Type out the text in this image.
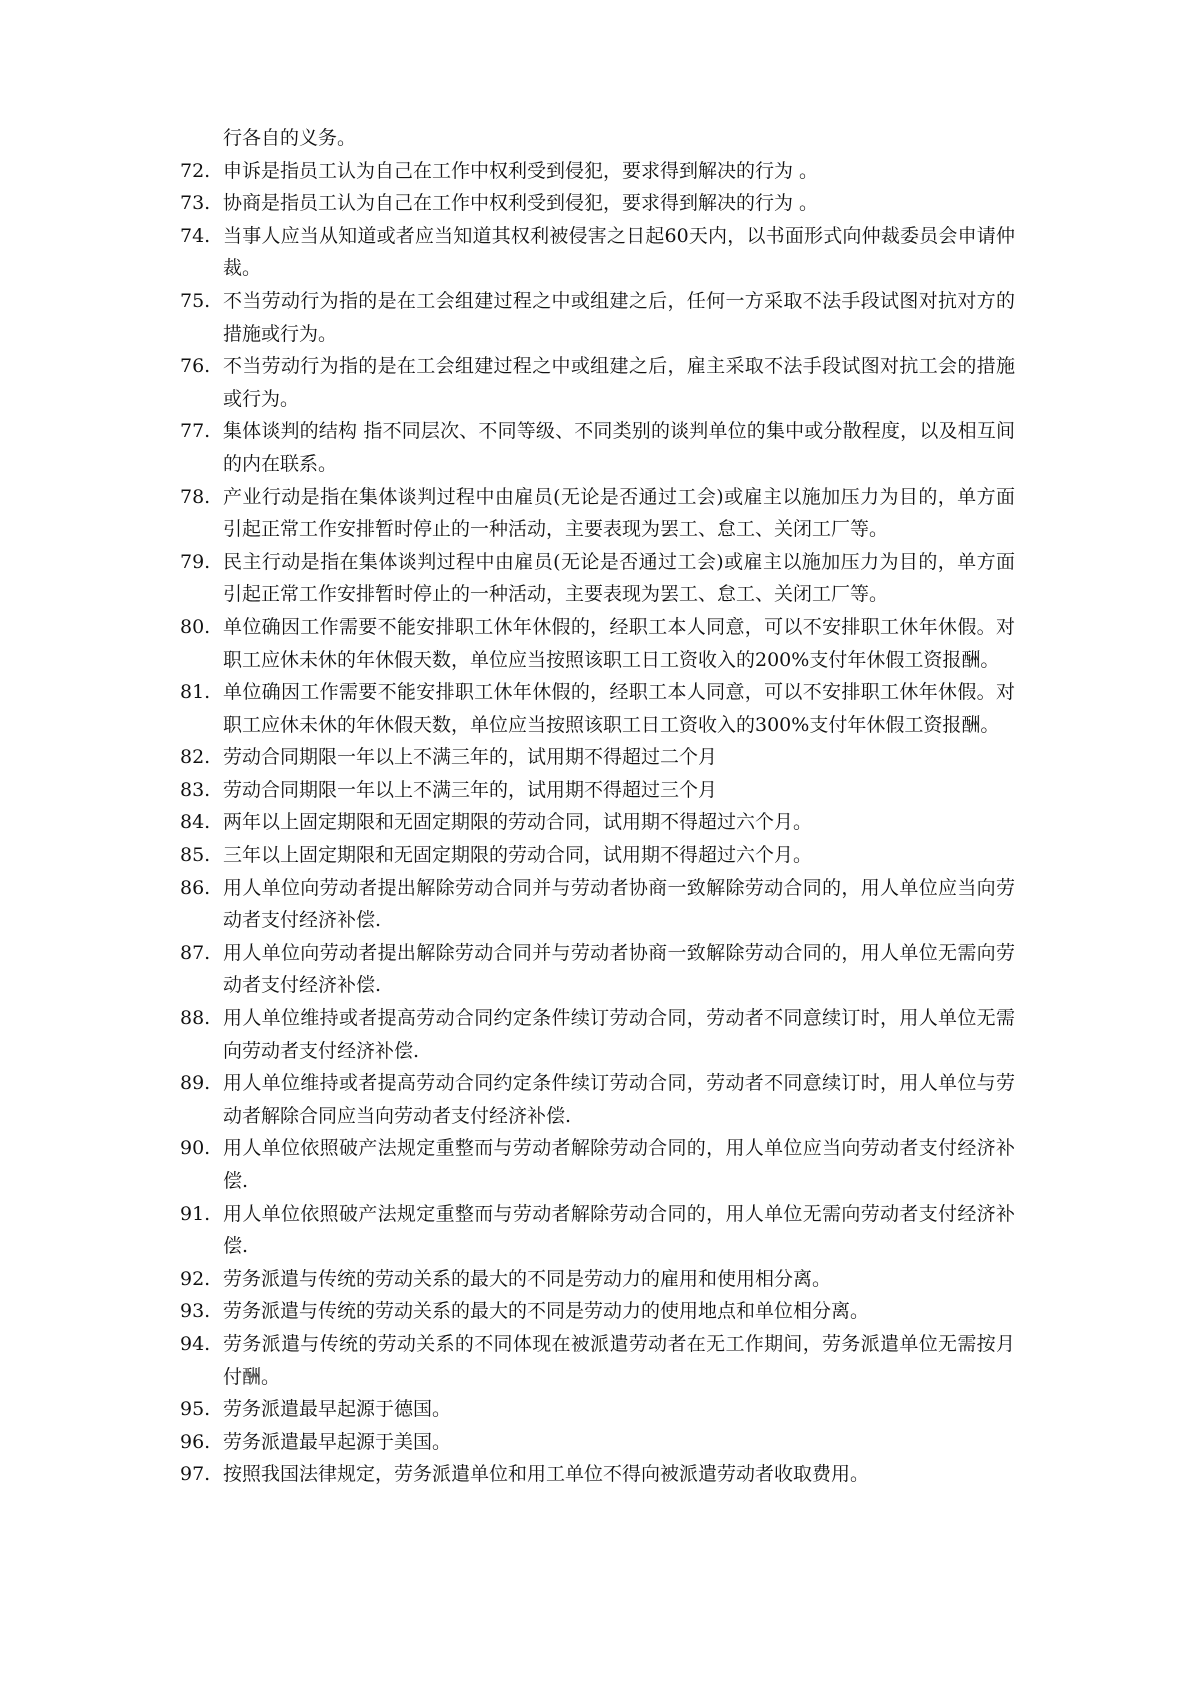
行各自的义务。

72. 申诉是指员工认为自己在工作中权利受到侵犯，要求得到解决的行为 。
73. 协商是指员工认为自己在工作中权利受到侵犯，要求得到解决的行为 。
74. 当事人应当从知道或者应当知道其权利被侵害之日起60天内，以书面形式向仲裁委员会申请仲裁。
75. 不当劳动行为指的是在工会组建过程之中或组建之后，任何一方采取不法手段试图对抗对方的措施或行为。
76. 不当劳动行为指的是在工会组建过程之中或组建之后，雇主采取不法手段试图对抗工会的措施或行为。
77. 集体谈判的结构 指不同层次、不同等级、不同类别的谈判单位的集中或分散程度，以及相互间的内在联系。
78. 产业行动是指在集体谈判过程中由雇员(无论是否通过工会)或雇主以施加压力为目的，单方面引起正常工作安排暂时停止的一种活动，主要表现为罢工、怠工、关闭工厂等。
79. 民主行动是指在集体谈判过程中由雇员(无论是否通过工会)或雇主以施加压力为目的，单方面引起正常工作安排暂时停止的一种活动，主要表现为罢工、怠工、关闭工厂等。
80. 单位确因工作需要不能安排职工休年休假的，经职工本人同意，可以不安排职工休年休假。对职工应休未休的年休假天数，单位应当按照该职工日工资收入的200%支付年休假工资报酬。
81. 单位确因工作需要不能安排职工休年休假的，经职工本人同意，可以不安排职工休年休假。对职工应休未休的年休假天数，单位应当按照该职工日工资收入的300%支付年休假工资报酬。
82. 劳动合同期限一年以上不满三年的，试用期不得超过二个月
83. 劳动合同期限一年以上不满三年的，试用期不得超过三个月
84. 两年以上固定期限和无固定期限的劳动合同，试用期不得超过六个月。
85. 三年以上固定期限和无固定期限的劳动合同，试用期不得超过六个月。
86. 用人单位向劳动者提出解除劳动合同并与劳动者协商一致解除劳动合同的，用人单位应当向劳动者支付经济补偿.
87. 用人单位向劳动者提出解除劳动合同并与劳动者协商一致解除劳动合同的，用人单位无需向劳动者支付经济补偿.
88. 用人单位维持或者提高劳动合同约定条件续订劳动合同，劳动者不同意续订时，用人单位无需向劳动者支付经济补偿.
89. 用人单位维持或者提高劳动合同约定条件续订劳动合同，劳动者不同意续订时，用人单位与劳动者解除合同应当向劳动者支付经济补偿.
90. 用人单位依照破产法规定重整而与劳动者解除劳动合同的，用人单位应当向劳动者支付经济补偿.
91. 用人单位依照破产法规定重整而与劳动者解除劳动合同的，用人单位无需向劳动者支付经济补偿.
92. 劳务派遣与传统的劳动关系的最大的不同是劳动力的雇用和使用相分离。
93. 劳务派遣与传统的劳动关系的最大的不同是劳动力的使用地点和单位相分离。
94. 劳务派遣与传统的劳动关系的不同体现在被派遣劳动者在无工作期间，劳务派遣单位无需按月付酬。
95. 劳务派遣最早起源于德国。
96. 劳务派遣最早起源于美国。
97. 按照我国法律规定，劳务派遣单位和用工单位不得向被派遣劳动者收取费用。
